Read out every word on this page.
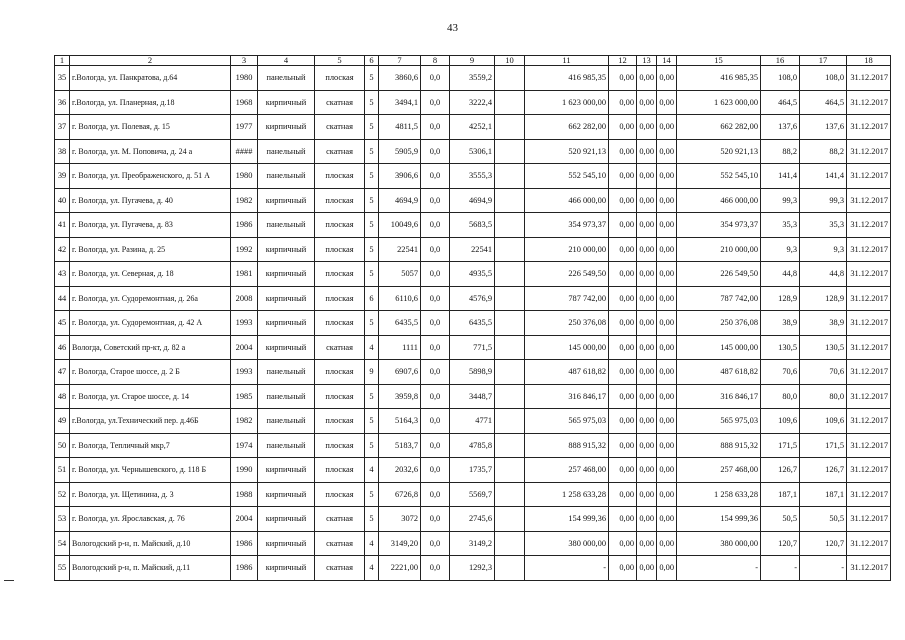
43
1	2	3	4	5	6	7	8	9	10	11	12	13	14	15	16	17	18
35	г.Вологда, ул. Панкратова, д.64	1980	панельный	плоская	5	3860,6	0,0	3559,2		416 985,35	0,00	0,00	0,00	416 985,35	108,0	108,0	31.12.2017
36	г.Вологда, ул. Планерная, д.18	1968	кирпичный	скатная	5	3494,1	0,0	3222,4		1 623 000,00	0,00	0,00	0,00	1 623 000,00	464,5	464,5	31.12.2017
37	г. Вологда, ул. Полевая, д. 15	1977	кирпичный	скатная	5	4811,5	0,0	4252,1		662 282,00	0,00	0,00	0,00	662 282,00	137,6	137,6	31.12.2017
38	г. Вологда, ул. М. Поповича, д. 24 а	####	панельный	скатная	5	5905,9	0,0	5306,1		520 921,13	0,00	0,00	0,00	520 921,13	88,2	88,2	31.12.2017
39	г. Вологда, ул. Преображенского, д. 51 А	1980	панельный	плоская	5	3906,6	0,0	3555,3		552 545,10	0,00	0,00	0,00	552 545,10	141,4	141,4	31.12.2017
40	г. Вологда, ул. Пугачева, д. 40	1982	кирпичный	плоская	5	4694,9	0,0	4694,9		466 000,00	0,00	0,00	0,00	466 000,00	99,3	99,3	31.12.2017
41	г. Вологда, ул. Пугачева, д. 83	1986	панельный	плоская	5	10049,6	0,0	5683,5		354 973,37	0,00	0,00	0,00	354 973,37	35,3	35,3	31.12.2017
42	г. Вологда, ул. Разина, д. 25	1992	кирпичный	плоская	5	22541	0,0	22541		210 000,00	0,00	0,00	0,00	210 000,00	9,3	9,3	31.12.2017
43	г. Вологда, ул. Северная, д. 18	1981	кирпичный	плоская	5	5057	0,0	4935,5		226 549,50	0,00	0,00	0,00	226 549,50	44,8	44,8	31.12.2017
44	г. Вологда, ул. Судоремонтная, д. 26а	2008	кирпичный	плоская	6	6110,6	0,0	4576,9		787 742,00	0,00	0,00	0,00	787 742,00	128,9	128,9	31.12.2017
45	г. Вологда, ул. Судоремонтная, д. 42 А	1993	кирпичный	плоская	5	6435,5	0,0	6435,5		250 376,08	0,00	0,00	0,00	250 376,08	38,9	38,9	31.12.2017
46	Вологда, Советский пр-кт, д. 82 а	2004	кирпичный	скатная	4	1111	0,0	771,5		145 000,00	0,00	0,00	0,00	145 000,00	130,5	130,5	31.12.2017
47	г. Вологда, Старое шоссе, д. 2 Б	1993	панельный	плоская	9	6907,6	0,0	5898,9		487 618,82	0,00	0,00	0,00	487 618,82	70,6	70,6	31.12.2017
48	г. Вологда, ул. Старое шоссе, д. 14	1985	панельный	плоская	5	3959,8	0,0	3448,7		316 846,17	0,00	0,00	0,00	316 846,17	80,0	80,0	31.12.2017
49	г.Вологда, ул.Технический пер. д.46Б	1982	панельный	плоская	5	5164,3	0,0	4771		565 975,03	0,00	0,00	0,00	565 975,03	109,6	109,6	31.12.2017
50	г. Вологда, Тепличный мкр,7	1974	панельный	плоская	5	5183,7	0,0	4785,8		888 915,32	0,00	0,00	0,00	888 915,32	171,5	171,5	31.12.2017
51	г. Вологда, ул. Чернышевского, д. 118 Б	1990	кирпичный	плоская	4	2032,6	0,0	1735,7		257 468,00	0,00	0,00	0,00	257 468,00	126,7	126,7	31.12.2017
52	г. Вологда, ул. Щетинина, д. 3	1988	кирпичный	плоская	5	6726,8	0,0	5569,7		1 258 633,28	0,00	0,00	0,00	1 258 633,28	187,1	187,1	31.12.2017
53	г. Вологда, ул. Ярославская, д. 76	2004	кирпичный	скатная	5	3072	0,0	2745,6		154 999,36	0,00	0,00	0,00	154 999,36	50,5	50,5	31.12.2017
54	Вологодский р-н, п. Майский, д.10	1986	кирпичный	скатная	4	3149,20	0,0	3149,2		380 000,00	0,00	0,00	0,00	380 000,00	120,7	120,7	31.12.2017
55	Вологодский р-н, п. Майский, д.11	1986	кирпичный	скатная	4	2221,00	0,0	1292,3		-	0,00	0,00	0,00	-	-	-	31.12.2017
